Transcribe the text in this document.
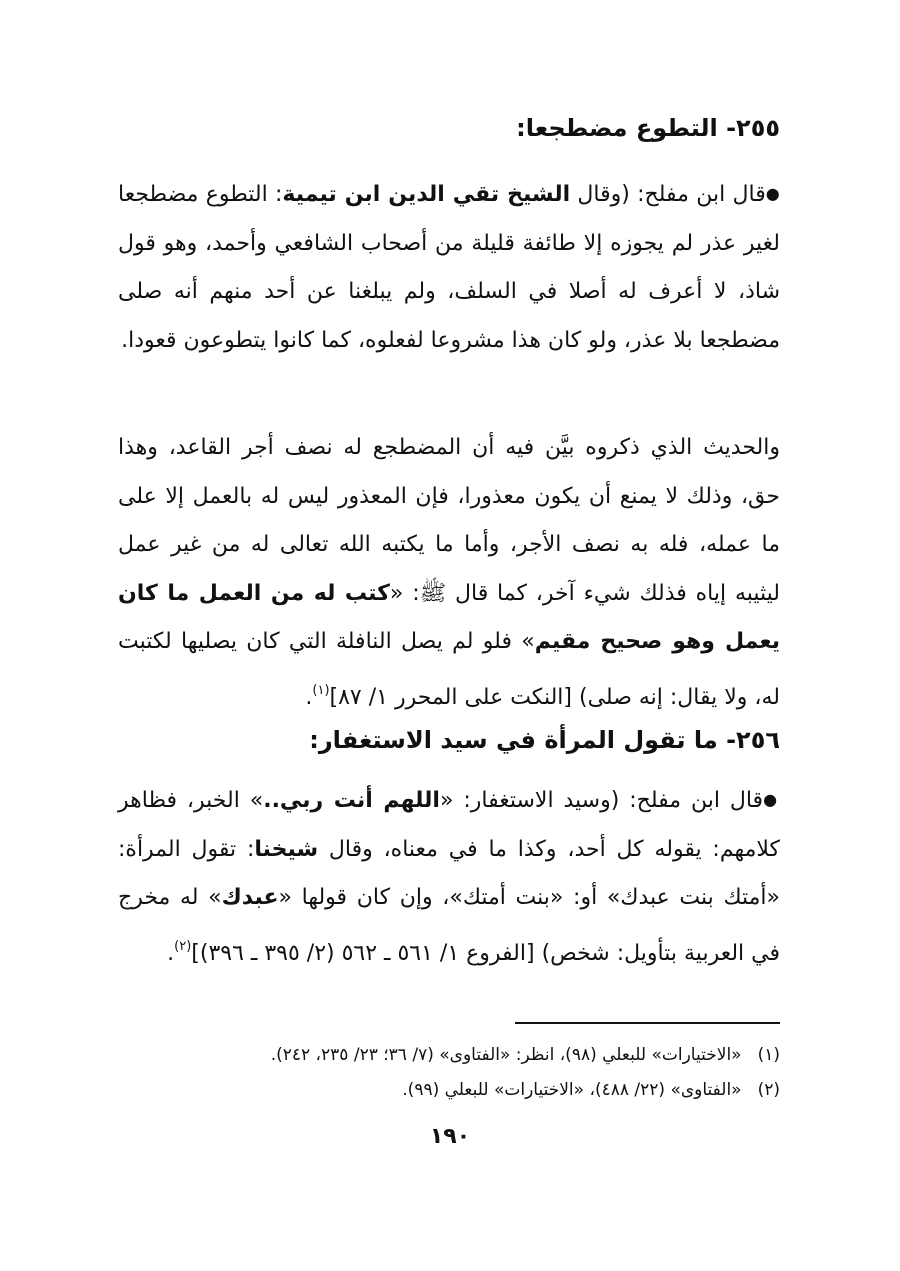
٢٥٥- التطوع مضطجعا:
●قال ابن مفلح: (وقال الشيخ تقي الدين ابن تيمية: التطوع مضطجعا لغير عذر لم يجوزه إلا طائفة قليلة من أصحاب الشافعي وأحمد، وهو قول شاذ، لا أعرف له أصلا في السلف، ولم يبلغنا عن أحد منهم أنه صلى مضطجعا بلا عذر، ولو كان هذا مشروعا لفعلوه، كما كانوا يتطوعون قعودا.
والحديث الذي ذكروه بيَّن فيه أن المضطجع له نصف أجر القاعد، وهذا حق، وذلك لا يمنع أن يكون معذورا، فإن المعذور ليس له بالعمل إلا على ما عمله، فله به نصف الأجر، وأما ما يكتبه الله تعالى له من غير عمل ليثيبه إياه فذلك شيء آخر، كما قال ﷺ: «كتب له من العمل ما كان يعمل وهو صحيح مقيم» فلو لم يصل النافلة التي كان يصليها لكتبت له، ولا يقال: إنه صلى) [النكت على المحرر ١/ ٨٧]$^{(١)}$.
٢٥٦- ما تقول المرأة في سيد الاستغفار:
●قال ابن مفلح: (وسيد الاستغفار: «اللهم أنت ربي..» الخبر، فظاهر كلامهم: يقوله كل أحد، وكذا ما في معناه، وقال شيخنا: تقول المرأة: «أمتك بنت عبدك» أو: «بنت أمتك»، وإن كان قولها «عبدك» له مخرج في العربية بتأويل: شخص) [الفروع ١/ ٥٦١ ـ ٥٦٢ (٢/ ٣٩٥ ـ ٣٩٦)]$^{(٢)}$.
(١)«الاختيارات» للبعلي (٩٨)، انظر: «الفتاوى» (٧/ ٣٦؛ ٢٣/ ٢٣٥، ٢٤٢).
(٢)«الفتاوى» (٢٢/ ٤٨٨)، «الاختيارات» للبعلي (٩٩).
١٩٠
